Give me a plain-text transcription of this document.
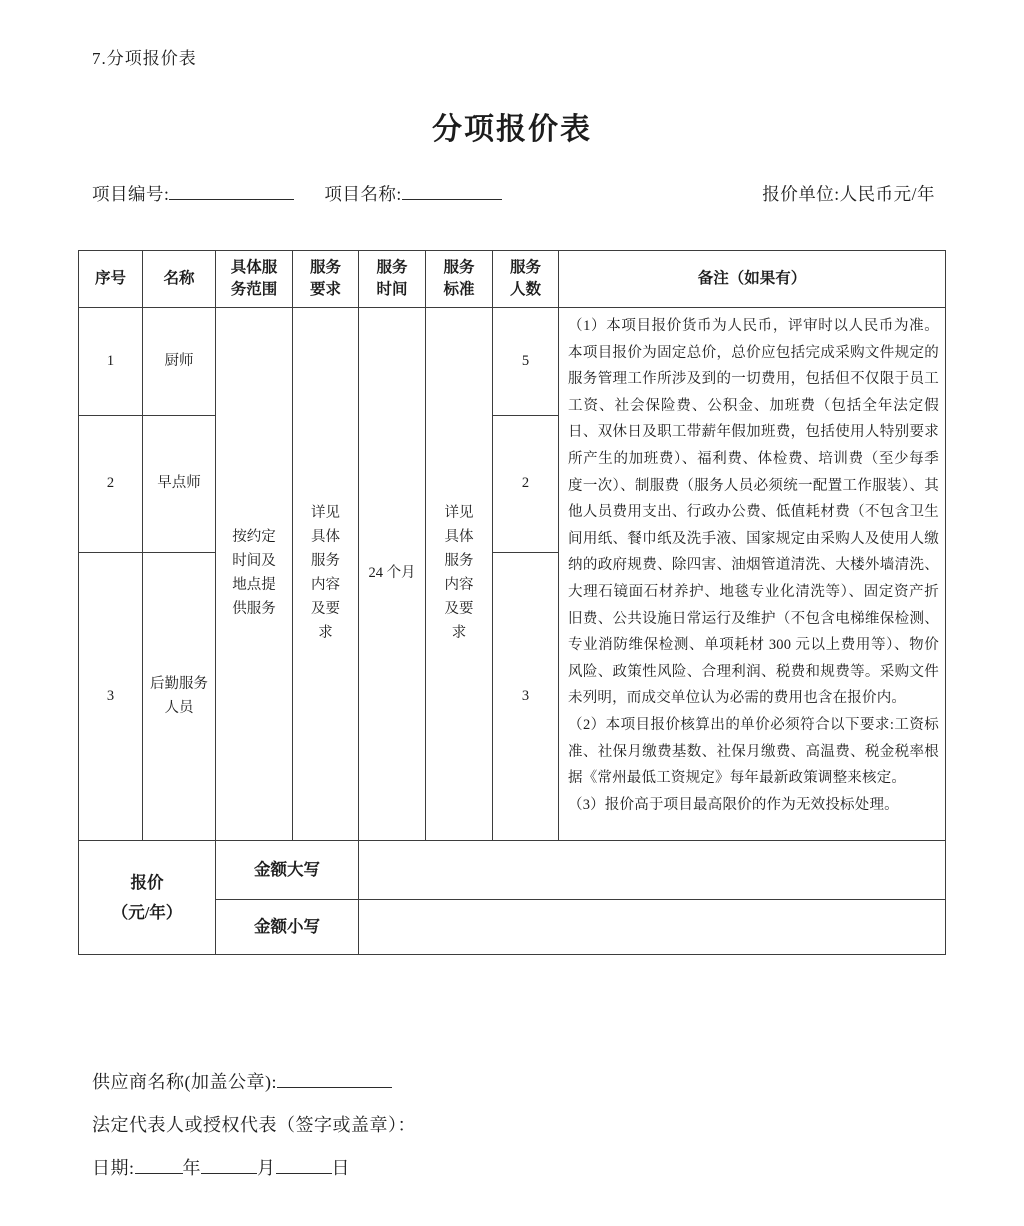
7.分项报价表
分项报价表
项目编号:	项目名称:	报价单位:人民币元/年
序号	名称	具体服务范围	服务要求	服务时间	服务标准	服务人数	备注（如果有）
1	厨师	按约定时间及地点提供服务	详见具体服务内容及要求	24 个月	详见具体服务内容及要求	5	（1）本项目报价货币为人民币，评审时以人民币为准。本项目报价为固定总价，总价应包括完成采购文件规定的服务管理工作所涉及到的一切费用，包括但不仅限于员工工资、社会保险费、公积金、加班费（包括全年法定假日、双休日及职工带薪年假加班费，包括使用人特别要求所产生的加班费）、福利费、体检费、培训费（至少每季度一次）、制服费（服务人员必须统一配置工作服装）、其他人员费用支出、行政办公费、低值耗材费（不包含卫生间用纸、餐巾纸及洗手液、国家规定由采购人及使用人缴纳的政府规费、除四害、油烟管道清洗、大楼外墙清洗、大理石镜面石材养护、地毯专业化清洗等）、固定资产折旧费、公共设施日常运行及维护（不包含电梯维保检测、专业消防维保检测、单项耗材 300 元以上费用等）、物价风险、政策性风险、合理利润、税费和规费等。采购文件未列明，而成交单位认为必需的费用也含在报价内。

（2）本项目报价核算出的单价必须符合以下要求:工资标准、社保月缴费基数、社保月缴费、高温费、税金税率根据《常州最低工资规定》每年最新政策调整来核定。

（3）报价高于项目最高限价的作为无效投标处理。

2	早点师					2	
3	后勤服务人员					3	

报价
（元/年）		金额大写					
		金额小写					
供应商名称(加盖公章):
法定代表人或授权代表（签字或盖章）：
日期:	年	月	日
